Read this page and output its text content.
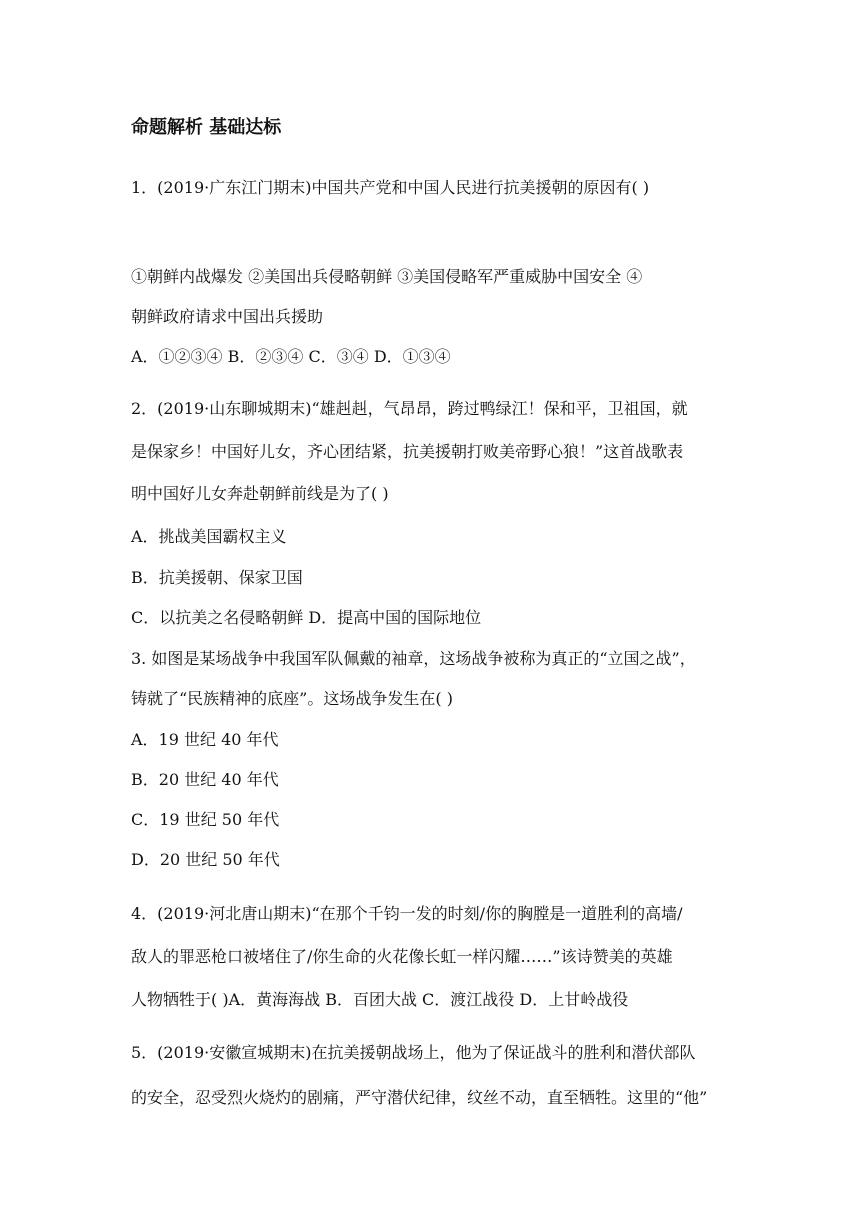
命题解析 基础达标
1．(2019·广东江门期末)中国共产党和中国人民进行抗美援朝的原因有( )
①朝鲜内战爆发 ②美国出兵侵略朝鲜 ③美国侵略军严重威胁中国安全 ④
朝鲜政府请求中国出兵援助
A．①②③④ B．②③④ C．③④ D．①③④
2．(2019·山东聊城期末)“雄赳赳，气昂昂，跨过鸭绿江！保和平，卫祖国，就
是保家乡！中国好儿女，齐心团结紧，抗美援朝打败美帝野心狼！”这首战歌表
明中国好儿女奔赴朝鲜前线是为了( )
A．挑战美国霸权主义
B．抗美援朝、保家卫国
C．以抗美之名侵略朝鲜 D．提高中国的国际地位
3. 如图是某场战争中我国军队佩戴的袖章，这场战争被称为真正的“立国之战”，
铸就了“民族精神的底座”。这场战争发生在( )
A．19 世纪 40 年代
B．20 世纪 40 年代
C．19 世纪 50 年代
D．20 世纪 50 年代
4．(2019·河北唐山期末)“在那个千钧一发的时刻/你的胸膛是一道胜利的高墙/
敌人的罪恶枪口被堵住了/你生命的火花像长虹一样闪耀……”该诗赞美的英雄
人物牺牲于( )A．黄海海战 B．百团大战 C．渡江战役 D．上甘岭战役
5．(2019·安徽宣城期末)在抗美援朝战场上，他为了保证战斗的胜利和潜伏部队
的安全，忍受烈火烧灼的剧痛，严守潜伏纪律，纹丝不动，直至牺牲。这里的“他”
